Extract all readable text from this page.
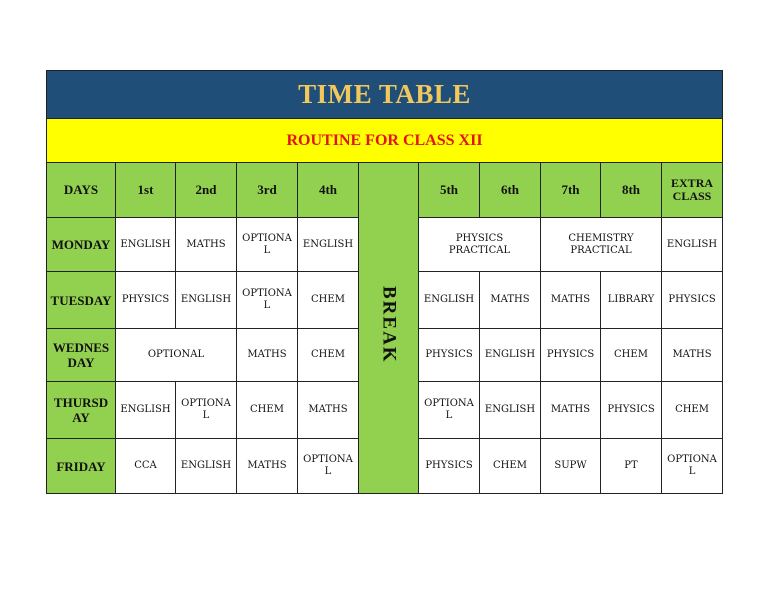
TIME TABLE										
ROUTINE FOR CLASS XII										
DAYS	1st	2nd	3rd	4th	BREAK	5th	6th	7th	8th	EXTRA CLASS
MONDAY	ENGLISH	MATHS	OPTIONAL	ENGLISH		PHYSICS PRACTICAL		CHEMISTRY PRACTICAL		ENGLISH
TUESDAY	PHYSICS	ENGLISH	OPTIONAL	CHEM		ENGLISH	MATHS	MATHS	LIBRARY	PHYSICS
WEDNESDAY	OPTIONAL		MATHS	CHEM		PHYSICS	ENGLISH	PHYSICS	CHEM	MATHS
THURSDAY	ENGLISH	OPTIONAL	CHEM	MATHS		OPTIONAL	ENGLISH	MATHS	PHYSICS	CHEM
FRIDAY	CCA	ENGLISH	MATHS	OPTIONAL		PHYSICS	CHEM	SUPW	PT	OPTIONAL
